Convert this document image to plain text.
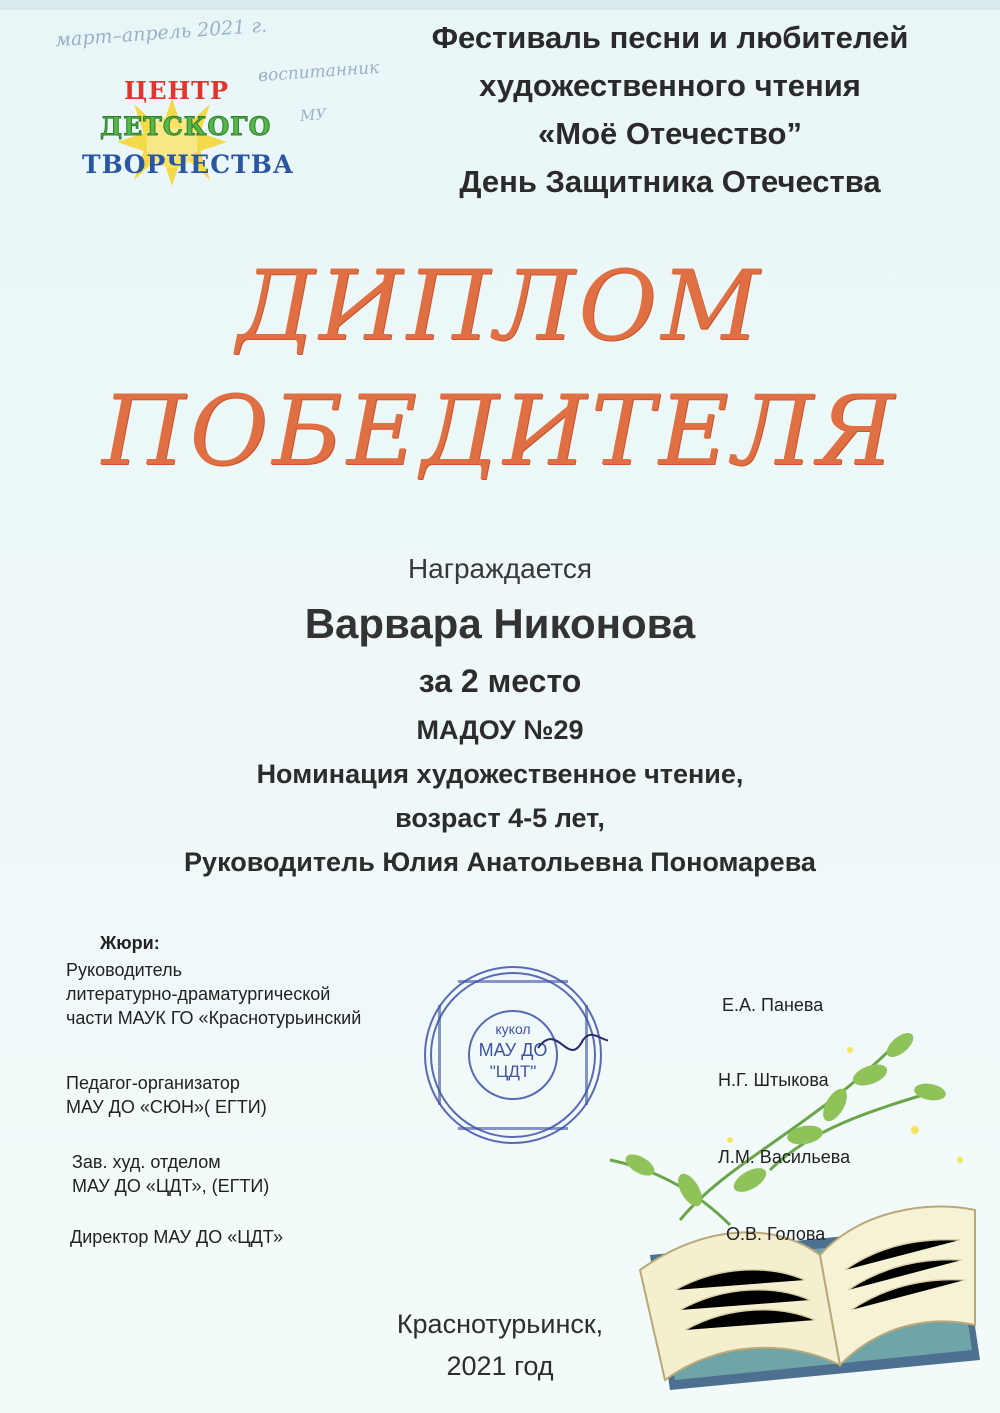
март–апрель 2021 г.
воспитанник
МУ
ЦЕНТР
ДЕТСКОГО
ТВОРЧЕСТВА
Фестиваль песни и любителей
художественного чтения
«Моё Отечество”
День Защитника Отечества
ДИПЛОМ
ПОБЕДИТЕЛЯ
Награждается
Варвара Никонова
за 2 место
МАДОУ №29
Номинация художественное чтение,
возраст 4-5 лет,
Руководитель Юлия Анатольевна Пономарева
Жюри:
Руководитель
литературно-драматургической
части МАУК ГО «Краснотурьинский
Е.А. Панева
Педагог-организатор
МАУ ДО «СЮН»( ЕГТИ)
Н.Г. Штыкова
Зав. худ. отделом
МАУ ДО «ЦДТ», (ЕГТИ)
Л.М. Васильева
Директор МАУ ДО «ЦДТ»	О.В. Голова
кукол
МАУ ДО
"ЦДТ"
Краснотурьинск,
2021 год
